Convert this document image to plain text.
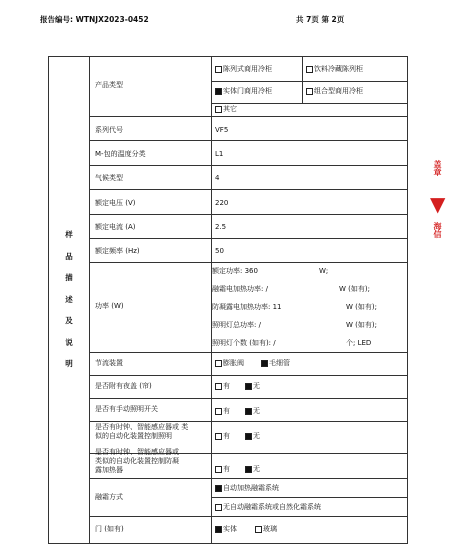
报告编号: WTNJX2023-0452	共 7页 第 2页
样
品
描
述
及
说
明
产品类型
陈列式商用冷柜	饮料冷藏陈列柜
实体门商用冷柜	组合型商用冷柜
其它
系列代号	VF5
M-包的温度分类	L1
气候类型	4
额定电压 (V)	220
额定电流 (A)	2.5
额定频率 (Hz)	50
功率 (W)
额定功率: 360	W;
融霜电加热功率: /	W (如有);
防凝露电加热功率: 11	W (如有);
照明灯总功率: /	W (如有);
照明灯个数 (如有): /	个; LED
节流装置	膨胀阀	毛细管
是否附有夜盖 (帘)	有	无
是否有手动照明开关	有	无
是否有时钟、智能感应器或 类
似的自动化装置控制照明	有	无
是否有时钟、智能感应器或
类似的自动化装置控制防凝
露加热器	有	无
融霜方式
自动加热融霜系统
无自动融霜系统或自然化霜系统
门 (如有)	实体	玻璃
盖章
▼
海信
